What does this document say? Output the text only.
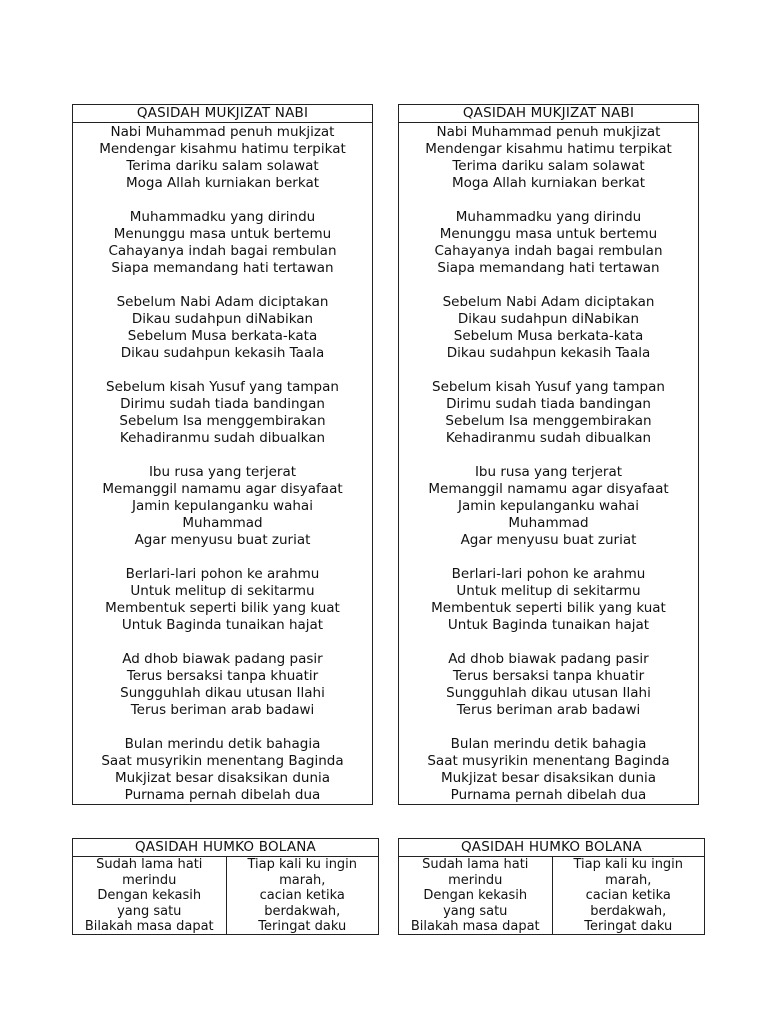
QASIDAH MUKJIZAT NABI
Nabi Muhammad penuh mukjizat
Mendengar kisahmu hatimu terpikat
Terima dariku salam solawat
Moga Allah kurniakan berkat
Muhammadku yang dirindu
Menunggu masa untuk bertemu
Cahayanya indah bagai rembulan
Siapa memandang hati tertawan
Sebelum Nabi Adam diciptakan
Dikau sudahpun diNabikan
Sebelum Musa berkata-kata
Dikau sudahpun kekasih Taala
Sebelum kisah Yusuf yang tampan
Dirimu sudah tiada bandingan
Sebelum Isa menggembirakan
Kehadiranmu sudah dibualkan
Ibu rusa yang terjerat
Memanggil namamu agar disyafaat
Jamin kepulanganku wahai
Muhammad
Agar menyusu buat zuriat
Berlari-lari pohon ke arahmu
Untuk melitup di sekitarmu
Membentuk seperti bilik yang kuat
Untuk Baginda tunaikan hajat
Ad dhob biawak padang pasir
Terus bersaksi tanpa khuatir
Sungguhlah dikau utusan Ilahi
Terus beriman arab badawi
Bulan merindu detik bahagia
Saat musyrikin menentang Baginda
Mukjizat besar disaksikan dunia
Purnama pernah dibelah dua
QASIDAH MUKJIZAT NABI
Nabi Muhammad penuh mukjizat
Mendengar kisahmu hatimu terpikat
Terima dariku salam solawat
Moga Allah kurniakan berkat
Muhammadku yang dirindu
Menunggu masa untuk bertemu
Cahayanya indah bagai rembulan
Siapa memandang hati tertawan
Sebelum Nabi Adam diciptakan
Dikau sudahpun diNabikan
Sebelum Musa berkata-kata
Dikau sudahpun kekasih Taala
Sebelum kisah Yusuf yang tampan
Dirimu sudah tiada bandingan
Sebelum Isa menggembirakan
Kehadiranmu sudah dibualkan
Ibu rusa yang terjerat
Memanggil namamu agar disyafaat
Jamin kepulanganku wahai
Muhammad
Agar menyusu buat zuriat
Berlari-lari pohon ke arahmu
Untuk melitup di sekitarmu
Membentuk seperti bilik yang kuat
Untuk Baginda tunaikan hajat
Ad dhob biawak padang pasir
Terus bersaksi tanpa khuatir
Sungguhlah dikau utusan Ilahi
Terus beriman arab badawi
Bulan merindu detik bahagia
Saat musyrikin menentang Baginda
Mukjizat besar disaksikan dunia
Purnama pernah dibelah dua
QASIDAH HUMKO BOLANA
Sudah lama hati
merindu
Dengan kekasih
yang satu
Bilakah masa dapat
Tiap kali ku ingin
marah,
cacian ketika
berdakwah,
Teringat daku
QASIDAH HUMKO BOLANA
Sudah lama hati
merindu
Dengan kekasih
yang satu
Bilakah masa dapat
Tiap kali ku ingin
marah,
cacian ketika
berdakwah,
Teringat daku
